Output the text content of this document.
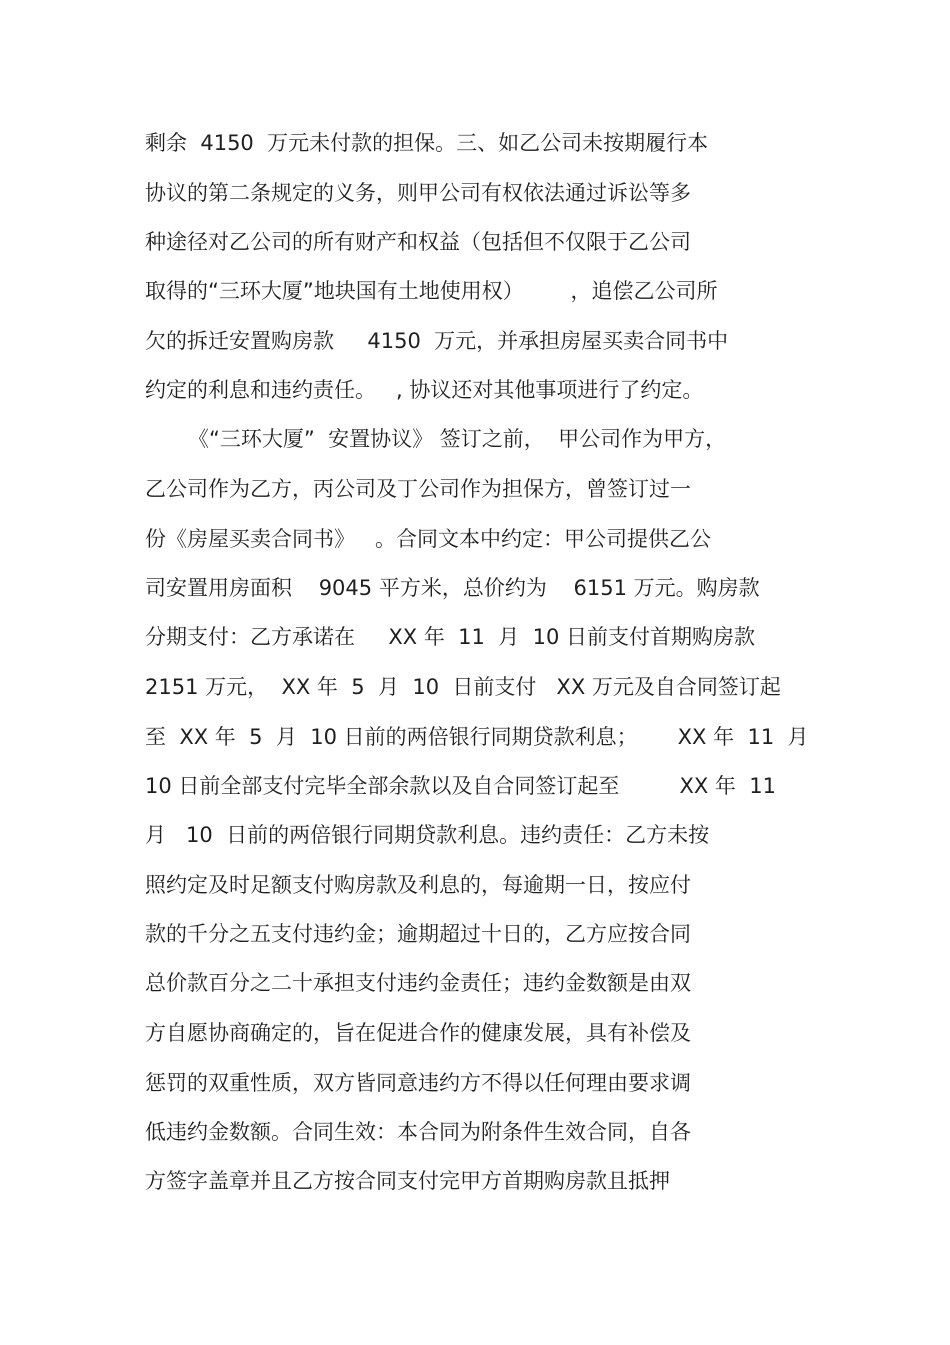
剩余  4150  万元未付款的担保。三、如乙公司未按期履行本
协议的第二条规定的义务，则甲公司有权依法通过诉讼等多
种途径对乙公司的所有财产和权益（包括但不仅限于乙公司
取得的“三环大厦”地块国有土地使用权）       ，追偿乙公司所
欠的拆迁安置购房款     4150  万元，并承担房屋买卖合同书中
约定的利息和违约责任。   , 协议还对其他事项进行了约定。
《“三环大厦”  安置协议》 签订之前，  甲公司作为甲方，
乙公司作为乙方，丙公司及丁公司作为担保方，曾签订过一
份《房屋买卖合同书》   。合同文本中约定：甲公司提供乙公
司安置用房面积    9045 平方米，总价约为    6151 万元。购房款
分期支付：乙方承诺在     XX 年  11  月  10 日前支付首期购房款
2151 万元，  XX 年  5  月  10  日前支付   XX 万元及自合同签订起
至  XX 年  5  月  10 日前的两倍银行同期贷款利息；      XX 年  11  月
10 日前全部支付完毕全部余款以及自合同签订起至         XX 年  11
月   10  日前的两倍银行同期贷款利息。违约责任：乙方未按
照约定及时足额支付购房款及利息的，每逾期一日，按应付
款的千分之五支付违约金；逾期超过十日的，乙方应按合同
总价款百分之二十承担支付违约金责任；违约金数额是由双
方自愿协商确定的，旨在促进合作的健康发展，具有补偿及
惩罚的双重性质，双方皆同意违约方不得以任何理由要求调
低违约金数额。合同生效：本合同为附条件生效合同，自各
方签字盖章并且乙方按合同支付完甲方首期购房款且抵押
